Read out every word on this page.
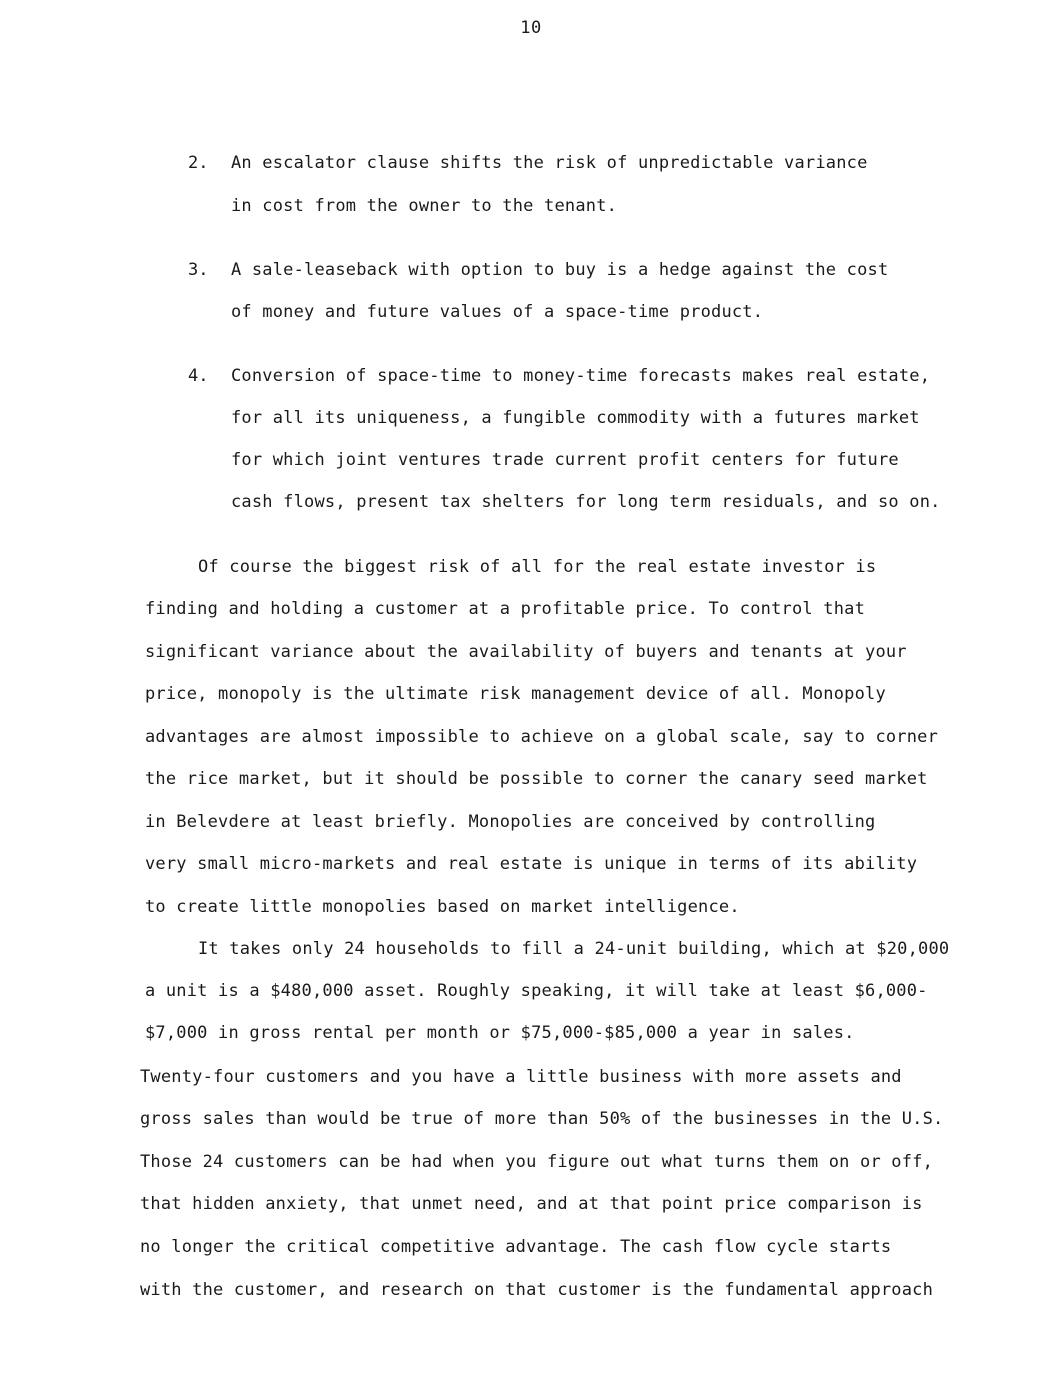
10
2. An escalator clause shifts the risk of unpredictable variance
in cost from the owner to the tenant.
3. A sale-leaseback with option to buy is a hedge against the cost
of money and future values of a space-time product.
4. Conversion of space-time to money-time forecasts makes real estate,
for all its uniqueness, a fungible commodity with a futures market
for which joint ventures trade current profit centers for future
cash flows, present tax shelters for long term residuals, and so on.
Of course the biggest risk of all for the real estate investor is
finding and holding a customer at a profitable price. To control that
significant variance about the availability of buyers and tenants at your
price, monopoly is the ultimate risk management device of all. Monopoly
advantages are almost impossible to achieve on a global scale, say to corner
the rice market, but it should be possible to corner the canary seed market
in Belevdere at least briefly. Monopolies are conceived by controlling
very small micro-markets and real estate is unique in terms of its ability
to create little monopolies based on market intelligence.
It takes only 24 households to fill a 24-unit building, which at $20,000
a unit is a $480,000 asset. Roughly speaking, it will take at least $6,000-
$7,000 in gross rental per month or $75,000-$85,000 a year in sales.
Twenty-four customers and you have a little business with more assets and
gross sales than would be true of more than 50% of the businesses in the U.S.
Those 24 customers can be had when you figure out what turns them on or off,
that hidden anxiety, that unmet need, and at that point price comparison is
no longer the critical competitive advantage. The cash flow cycle starts
with the customer, and research on that customer is the fundamental approach
